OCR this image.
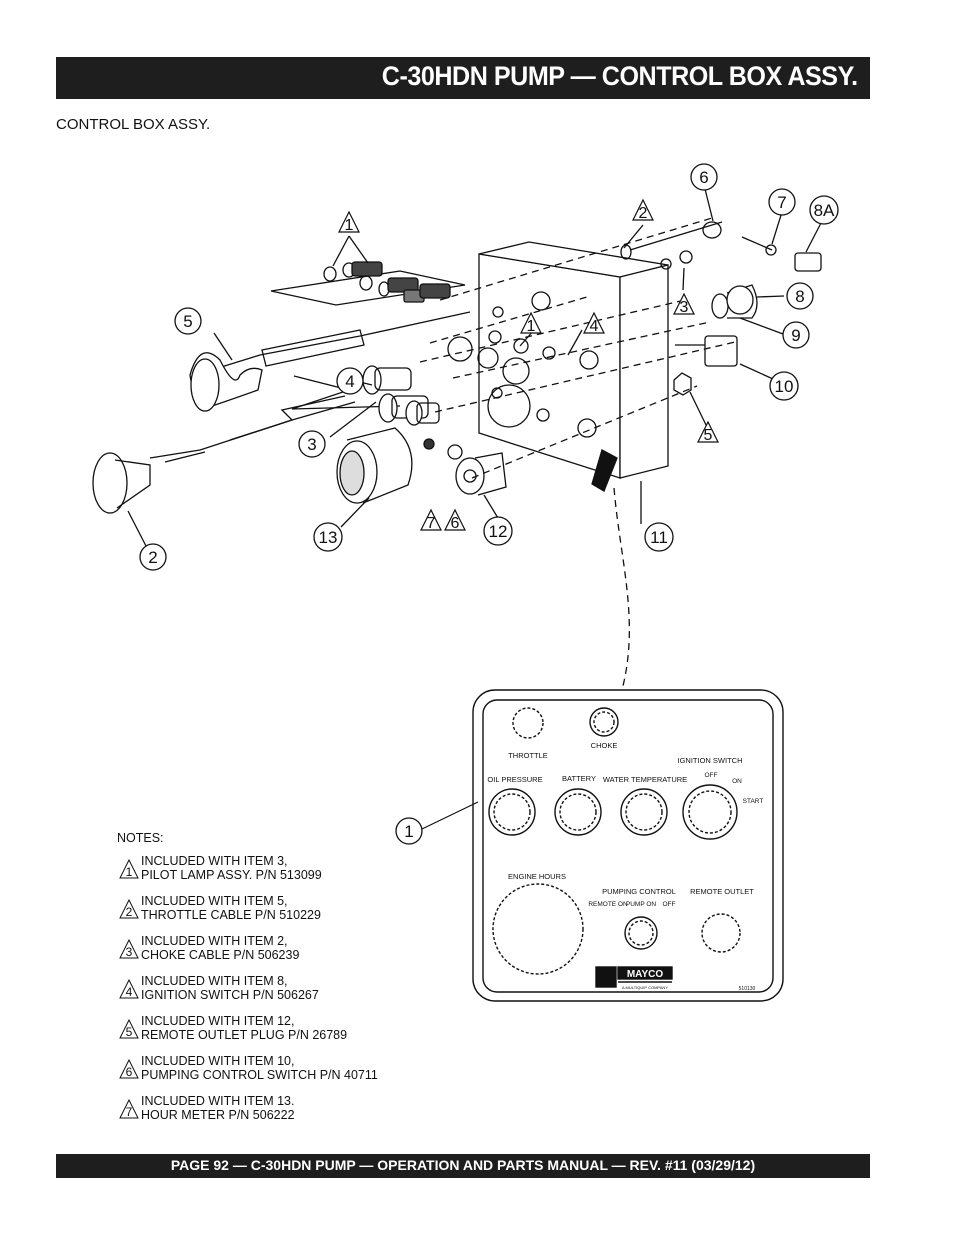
C-30HDN PUMP — CONTROL BOX ASSY.
CONTROL BOX ASSY.
1
2
3
1	4
5
7 6
6
7 8A
5
8
9
4	10
3
12
13	11
2
1
THROTTLE
CHOKE
IGNITION SWITCH
OFF
ON
START
OIL PRESSURE	BATTERY WATER TEMPERATURE
ENGINE HOURS
PUMPING CONTROL
REMOTE ON
PUMP ON OFF
REMOTE OUTLET
MAYCO
A MULTIQUIP COMPANY	510130
NOTES:
1
INCLUDED WITH ITEM 3,
PILOT LAMP ASSY. P/N 513099
2
INCLUDED WITH ITEM 5,
THROTTLE CABLE P/N 510229
3
INCLUDED WITH ITEM 2,
CHOKE CABLE P/N 506239
4
INCLUDED WITH ITEM 8,
IGNITION SWITCH P/N 506267
5
INCLUDED WITH ITEM 12,
REMOTE OUTLET PLUG P/N 26789
6
INCLUDED WITH ITEM 10,
PUMPING CONTROL SWITCH P/N 40711
7
INCLUDED WITH ITEM 13.
HOUR METER P/N 506222
PAGE 92 — C-30HDN PUMP — OPERATION AND PARTS MANUAL — REV. #11 (03/29/12)
